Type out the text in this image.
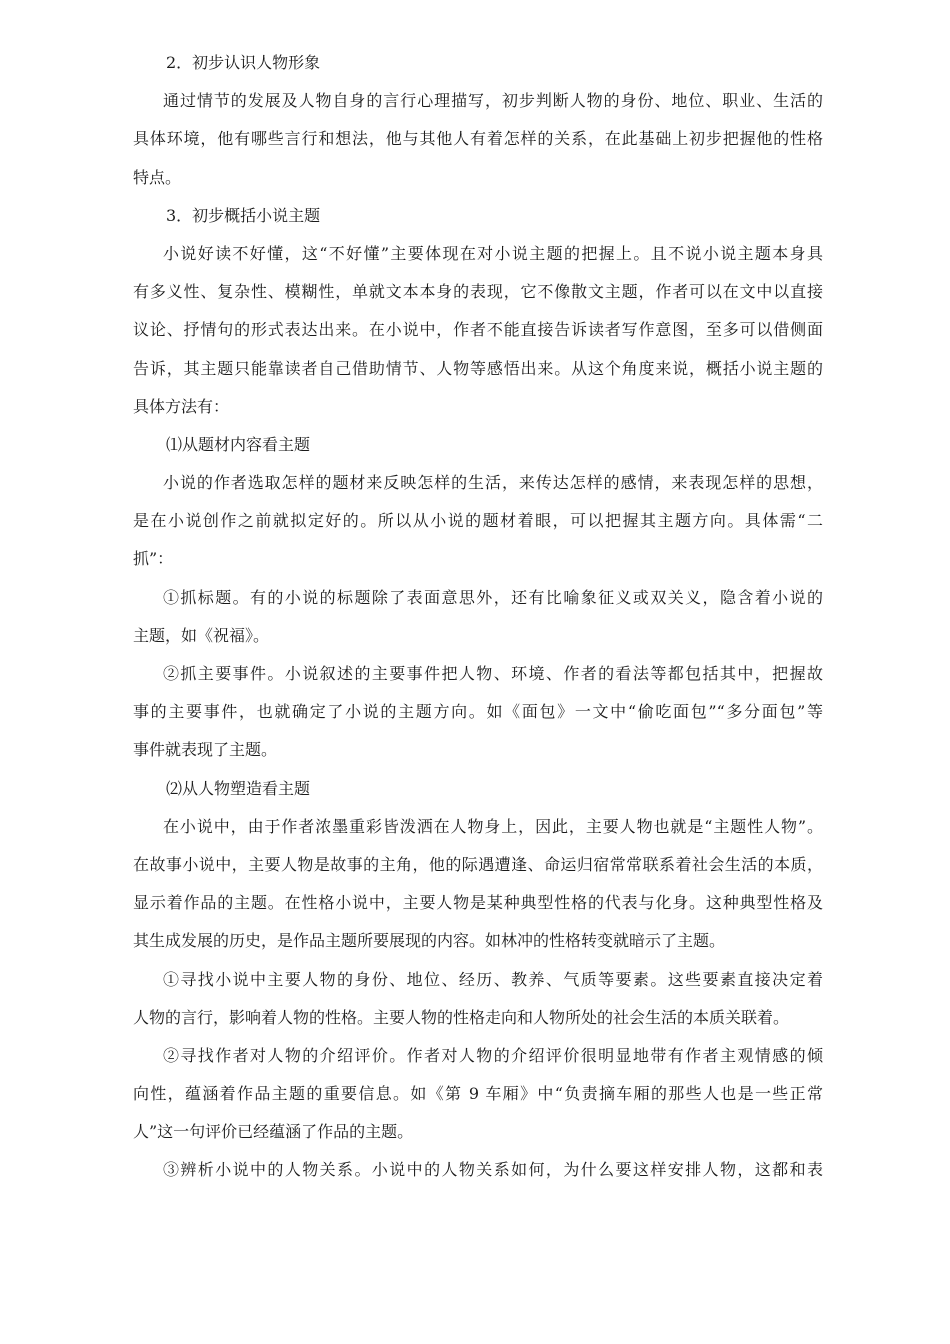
2．初步认识人物形象
通过情节的发展及人物自身的言行心理描写，初步判断人物的身份、地位、职业、生活的
具体环境，他有哪些言行和想法，他与其他人有着怎样的关系，在此基础上初步把握他的性格
特点。
3．初步概括小说主题
小说好读不好懂，这“不好懂”主要体现在对小说主题的把握上。且不说小说主题本身具
有多义性、复杂性、模糊性，单就文本本身的表现，它不像散文主题，作者可以在文中以直接
议论、抒情句的形式表达出来。在小说中，作者不能直接告诉读者写作意图，至多可以借侧面
告诉，其主题只能靠读者自己借助情节、人物等感悟出来。从这个角度来说，概括小说主题的
具体方法有：
⑴从题材内容看主题
小说的作者选取怎样的题材来反映怎样的生活，来传达怎样的感情，来表现怎样的思想，
是在小说创作之前就拟定好的。所以从小说的题材着眼，可以把握其主题方向。具体需“二
抓”：
①抓标题。有的小说的标题除了表面意思外，还有比喻象征义或双关义，隐含着小说的
主题，如《祝福》。
②抓主要事件。小说叙述的主要事件把人物、环境、作者的看法等都包括其中，把握故
事的主要事件，也就确定了小说的主题方向。如《面包》一文中“偷吃面包”“多分面包”等
事件就表现了主题。
⑵从人物塑造看主题
在小说中，由于作者浓墨重彩皆泼洒在人物身上，因此，主要人物也就是“主题性人物”。
在故事小说中，主要人物是故事的主角，他的际遇遭逢、命运归宿常常联系着社会生活的本质，
显示着作品的主题。在性格小说中，主要人物是某种典型性格的代表与化身。这种典型性格及
其生成发展的历史，是作品主题所要展现的内容。如林冲的性格转变就暗示了主题。
①寻找小说中主要人物的身份、地位、经历、教养、气质等要素。这些要素直接决定着
人物的言行，影响着人物的性格。主要人物的性格走向和人物所处的社会生活的本质关联着。
②寻找作者对人物的介绍评价。作者对人物的介绍评价很明显地带有作者主观情感的倾
向性，蕴涵着作品主题的重要信息。如《第 9 车厢》中“负责摘车厢的那些人也是一些正常
人”这一句评价已经蕴涵了作品的主题。
③辨析小说中的人物关系。小说中的人物关系如何，为什么要这样安排人物，这都和表
